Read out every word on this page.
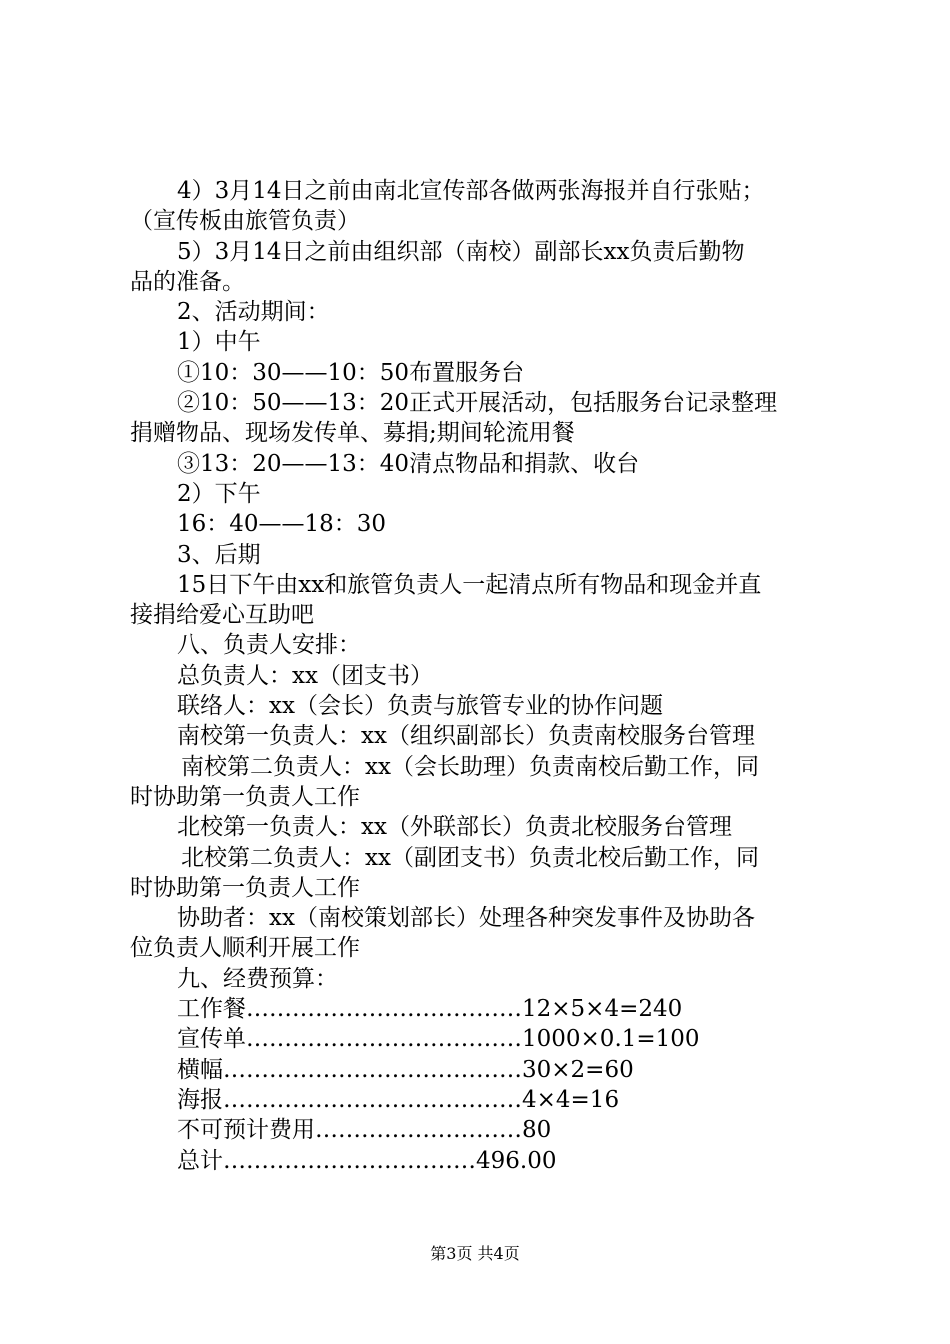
4）3月14日之前由南北宣传部各做两张海报并自行张贴；
（宣传板由旅管负责）
5）3月14日之前由组织部（南校）副部长xx负责后勤物
品的准备。
2、活动期间：
1）中午
①10：30——10：50布置服务台
②10：50——13：20正式开展活动，包括服务台记录整理
捐赠物品、现场发传单、募捐;期间轮流用餐
③13：20——13：40清点物品和捐款、收台
2）下午
16：40——18：30
3、后期
15日下午由xx和旅管负责人一起清点所有物品和现金并直
接捐给爱心互助吧
八、负责人安排：
总负责人：xx（团支书）
联络人：xx（会长）负责与旅管专业的协作问题
南校第一负责人：xx（组织副部长）负责南校服务台管理
南校第二负责人：xx（会长助理）负责南校后勤工作，同
时协助第一负责人工作
北校第一负责人：xx（外联部长）负责北校服务台管理
北校第二负责人：xx（副团支书）负责北校后勤工作，同
时协助第一负责人工作
协助者：xx（南校策划部长）处理各种突发事件及协助各
位负责人顺利开展工作
九、经费预算：
工作餐………………………………12×5×4=240
宣传单………………………………1000×0.1=100
横幅…………………………………30×2=60
海报…………………………………4×4=16
不可预计费用………………………80
总计……………………………496.00
第3页 共4页
